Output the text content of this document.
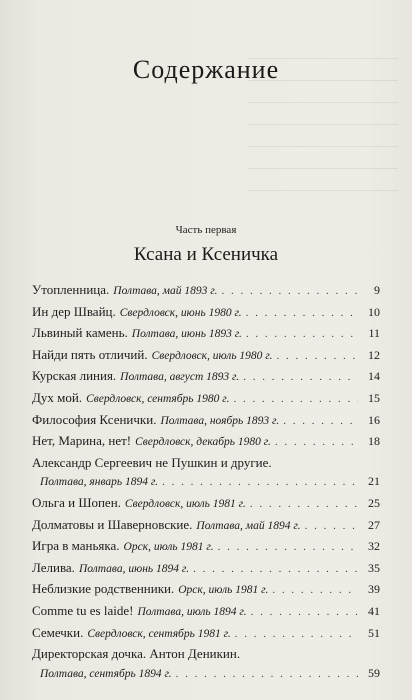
Содержание
Часть первая
Ксана и Ксеничка
Утопленница. Полтава, май 1893 г. . . .	9
Ин дер Швайц. Свердловск, июнь 1980 г. . . .	10
Львиный камень. Полтава, июнь 1893 г. . . .	11
Найди пять отличий. Свердловск, июль 1980 г. . . .	12
Курская линия. Полтава, август 1893 г. . . .	14
Дух мой. Свердловск, сентябрь 1980 г. . . .	15
Философия Ксенички. Полтава, ноябрь 1893 г. . . .	16
Нет, Марина, нет! Свердловск, декабрь 1980 г. . . .	18
Александр Сергеевич не Пушкин и другие.
Полтава, январь 1894 г. . . .	21
Ольга и Шопен. Свердловск, июль 1981 г. . . .	25
Долматовы и Шаверновские. Полтава, май 1894 г. . . .	27
Игра в маньяка. Орск, июль 1981 г. . . .	32
Лелива. Полтава, июнь 1894 г. . . .	35
Неблизкие родственники. Орск, июль 1981 г. . . .	39
Comme tu es laide! Полтава, июль 1894 г. . . .	41
Семечки. Свердловск, сентябрь 1981 г. . . .	51
Директорская дочка. Антон Деникин.
Полтава, сентябрь 1894 г. . . .	59
